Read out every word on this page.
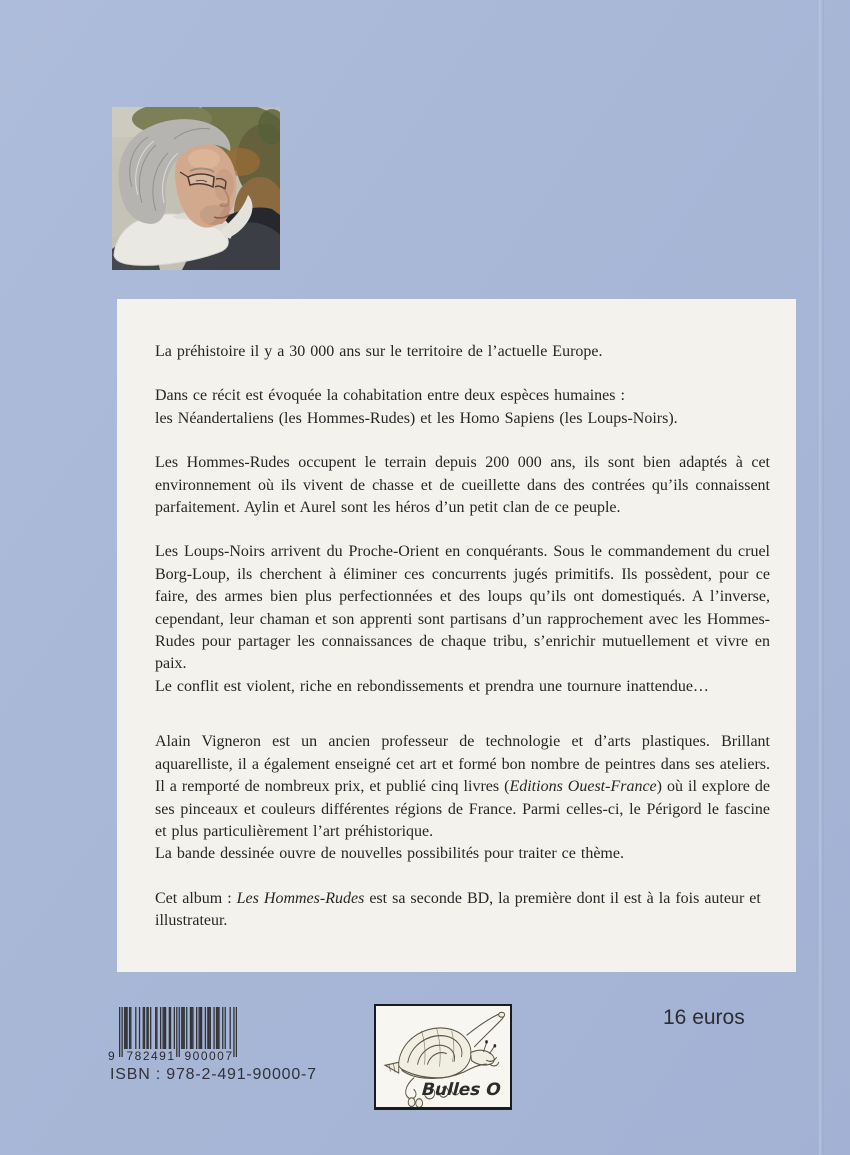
La préhistoire il y a 30 000 ans sur le territoire de l’actuelle Europe.
Dans ce récit est évoquée la cohabitation entre deux espèces humaines :
les Néandertaliens (les Hommes-Rudes) et les Homo Sapiens (les Loups-Noirs).
Les Hommes-Rudes occupent le terrain depuis 200 000 ans, ils sont bien adaptés à cet environnement où ils vivent de chasse et de cueillette dans des contrées qu’ils connaissent parfaitement. Aylin et Aurel sont les héros d’un petit clan de ce peuple.
Les Loups-Noirs arrivent du Proche-Orient en conquérants. Sous le commandement du cruel Borg-Loup, ils cherchent à éliminer ces concurrents jugés primitifs. Ils possèdent, pour ce faire, des armes bien plus perfectionnées et des loups qu’ils ont domestiqués. A l’inverse, cependant, leur chaman et son apprenti sont partisans d’un rapprochement avec les Hommes-Rudes pour partager les connaissances de chaque tribu, s’enrichir mutuellement et vivre en paix.
Le conflit est violent, riche en rebondissements et prendra une tournure inattendue…
Alain Vigneron est un ancien professeur de technologie et d’arts plastiques. Brillant aquarelliste, il a également enseigné cet art et formé bon nombre de peintres dans ses ateliers. Il a remporté de nombreux prix, et publié cinq livres (Editions Ouest-France) où il explore de ses pinceaux et couleurs différentes régions de France. Parmi celles-ci, le Périgord le fascine et plus particulièrement l’art préhistorique.
La bande dessinée ouvre de nouvelles possibilités pour traiter ce thème.
Cet album : Les Hommes-Rudes est sa seconde BD, la première dont il est à la fois auteur et illustrateur.
9 782491 900007
ISBN : 978-2-491-90000-7
Bulles O
16 euros
